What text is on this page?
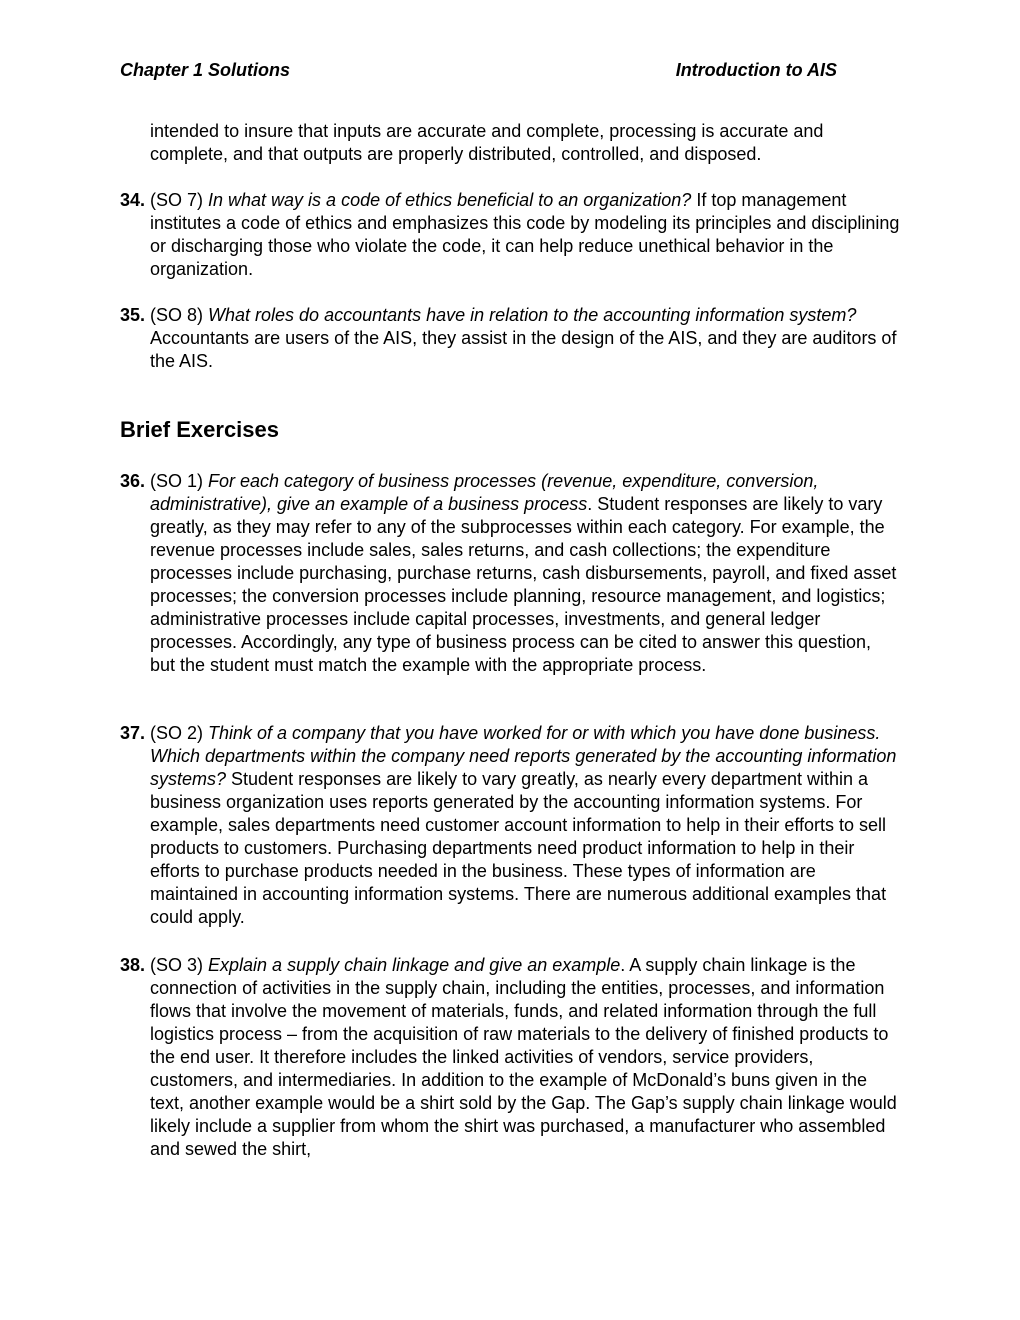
Chapter 1 Solutions	Introduction to AIS
intended to insure that inputs are accurate and complete, processing is accurate and complete, and that outputs are properly distributed, controlled, and disposed.
34. (SO 7) In what way is a code of ethics beneficial to an organization? If top management institutes a code of ethics and emphasizes this code by modeling its principles and disciplining or discharging those who violate the code, it can help reduce unethical behavior in the organization.
35. (SO 8) What roles do accountants have in relation to the accounting information system? Accountants are users of the AIS, they assist in the design of the AIS, and they are auditors of the AIS.
Brief Exercises
36. (SO 1) For each category of business processes (revenue, expenditure, conversion, administrative), give an example of a business process. Student responses are likely to vary greatly, as they may refer to any of the subprocesses within each category. For example, the revenue processes include sales, sales returns, and cash collections; the expenditure processes include purchasing, purchase returns, cash disbursements, payroll, and fixed asset processes; the conversion processes include planning, resource management, and logistics; administrative processes include capital processes, investments, and general ledger processes. Accordingly, any type of business process can be cited to answer this question, but the student must match the example with the appropriate process.
37. (SO 2) Think of a company that you have worked for or with which you have done business. Which departments within the company need reports generated by the accounting information systems? Student responses are likely to vary greatly, as nearly every department within a business organization uses reports generated by the accounting information systems. For example, sales departments need customer account information to help in their efforts to sell products to customers. Purchasing departments need product information to help in their efforts to purchase products needed in the business. These types of information are maintained in accounting information systems. There are numerous additional examples that could apply.
38. (SO 3) Explain a supply chain linkage and give an example. A supply chain linkage is the connection of activities in the supply chain, including the entities, processes, and information flows that involve the movement of materials, funds, and related information through the full logistics process – from the acquisition of raw materials to the delivery of finished products to the end user. It therefore includes the linked activities of vendors, service providers, customers, and intermediaries. In addition to the example of McDonald’s buns given in the text, another example would be a shirt sold by the Gap. The Gap’s supply chain linkage would likely include a supplier from whom the shirt was purchased, a manufacturer who assembled and sewed the shirt,
